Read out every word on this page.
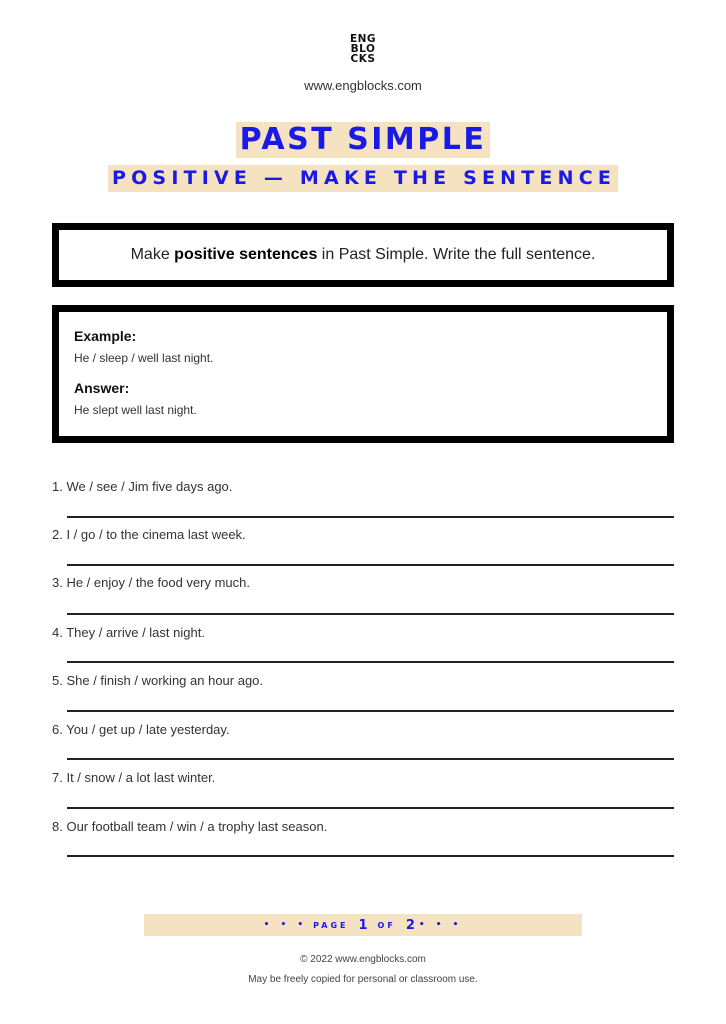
ENG
BLO
CKS
www.engblocks.com
PAST SIMPLE
POSITIVE — MAKE THE SENTENCE
Make positive sentences in Past Simple. Write the full sentence.
Example:
He / sleep / well last night.
Answer:
He slept well last night.
1. We / see / Jim five days ago.
2. I / go / to the cinema last week.
3. He / enjoy / the food very much.
4. They / arrive / last night.
5. She / finish / working an hour ago.
6. You / get up / late yesterday.
7. It / snow / a lot last winter.
8. Our football team / win / a trophy last season.
• • • PAGE 1 OF 2 • • •
© 2022 www.engblocks.com
May be freely copied for personal or classroom use.
